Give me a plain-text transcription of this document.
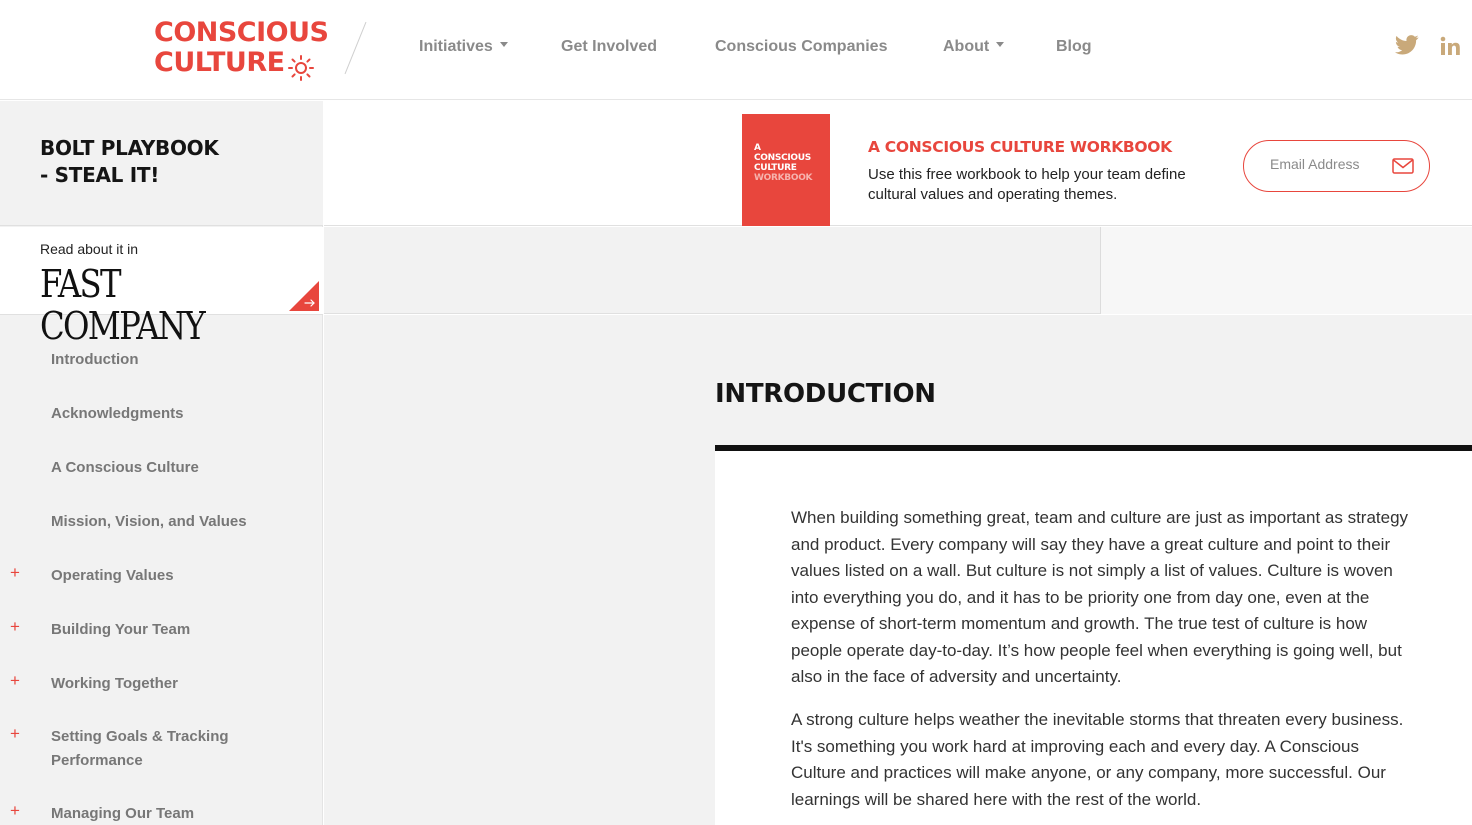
CONSCIOUS
CULTURE
Initiatives	Get Involved	Conscious Companies	About	Blog
BOLT PLAYBOOK
- STEAL IT!
Read about it in
FAST COMPANY
Introduction
Acknowledgments
A Conscious Culture
Mission, Vision, and Values
+ Operating Values
+ Building Your Team
+ Working Together
+ Setting Goals & Tracking Performance
+ Managing Our Team
A
CONSCIOUS
CULTURE
WORKBOOK
A CONSCIOUS CULTURE WORKBOOK
Use this free workbook to help your team define cultural values and operating themes.
Email Address
INTRODUCTION

When building something great, team and culture are just as important as strategy and product. Every company will say they have a great culture and point to their values listed on a wall. But culture is not simply a list of values. Culture is woven into everything you do, and it has to be priority one from day one, even at the expense of short-term momentum and growth. The true test of culture is how people operate day-to-day. It’s how people feel when everything is going well, but also in the face of adversity and uncertainty.

A strong culture helps weather the inevitable storms that threaten every business. It's something you work hard at improving each and every day. A Conscious Culture and practices will make anyone, or any company, more successful. Our learnings will be shared here with the rest of the world.
